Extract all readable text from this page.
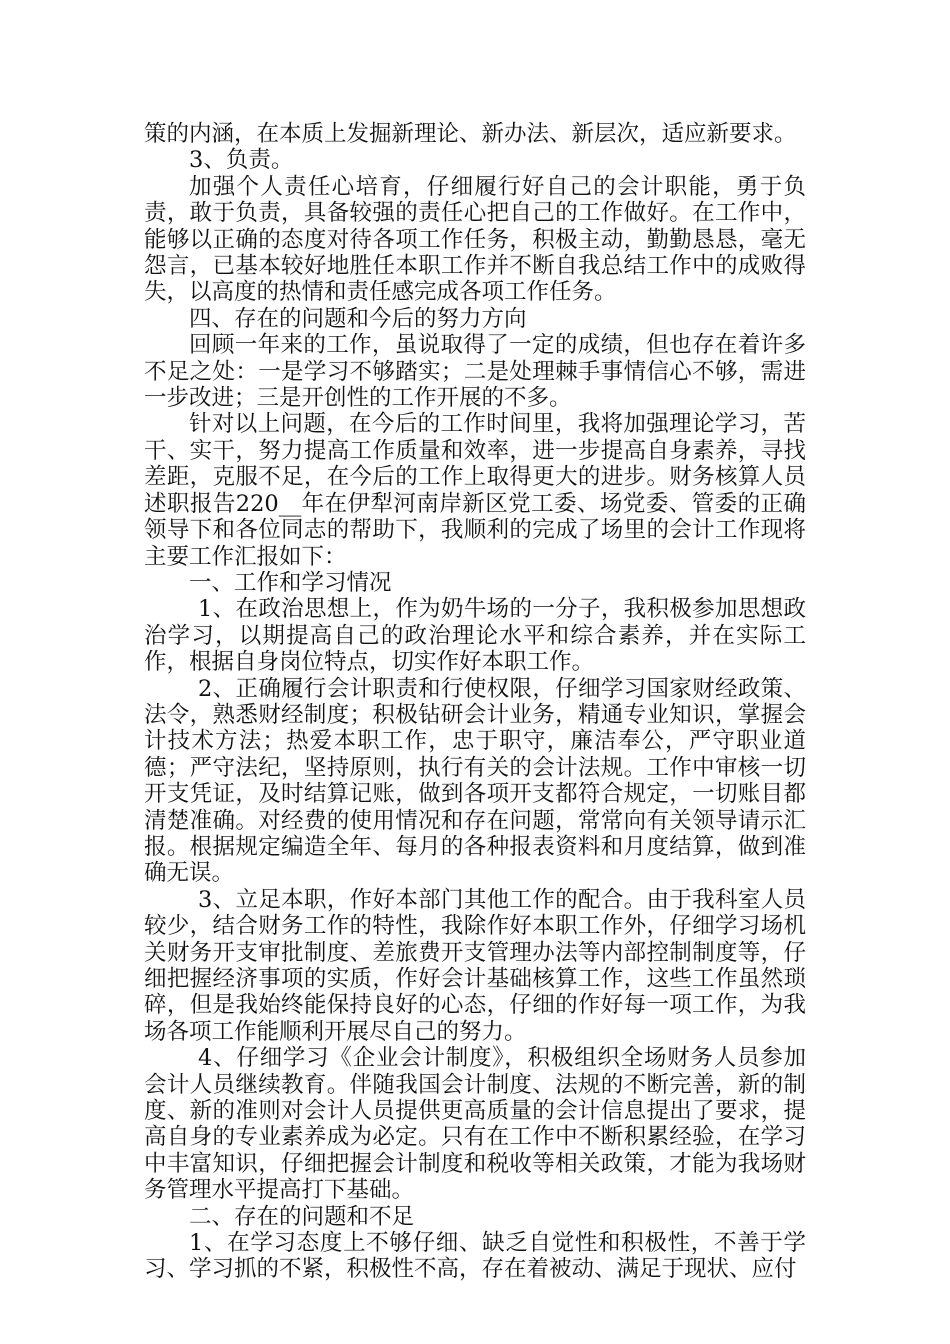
策的内涵，在本质上发掘新理论、新办法、新层次，适应新要求。

3、负责。

加强个人责任心培育，仔细履行好自己的会计职能，勇于负责，敢于负责，具备较强的责任心把自己的工作做好。在工作中，能够以正确的态度对待各项工作任务，积极主动，勤勤恳恳，毫无怨言，已基本较好地胜任本职工作并不断自我总结工作中的成败得失，以高度的热情和责任感完成各项工作任务。

四、存在的问题和今后的努力方向

回顾一年来的工作，虽说取得了一定的成绩，但也存在着许多不足之处：一是学习不够踏实；二是处理棘手事情信心不够，需进一步改进；三是开创性的工作开展的不多。

针对以上问题，在今后的工作时间里，我将加强理论学习，苦干、实干，努力提高工作质量和效率，进一步提高自身素养，寻找差距，克服不足，在今后的工作上取得更大的进步。财务核算人员述职报告220__年在伊犁河南岸新区党工委、场党委、管委的正确领导下和各位同志的帮助下，我顺利的完成了场里的会计工作现将主要工作汇报如下：

一、工作和学习情况

1、在政治思想上，作为奶牛场的一分子，我积极参加思想政治学习，以期提高自己的政治理论水平和综合素养，并在实际工作，根据自身岗位特点，切实作好本职工作。

2、正确履行会计职责和行使权限，仔细学习国家财经政策、法令，熟悉财经制度；积极钻研会计业务，精通专业知识，掌握会计技术方法；热爱本职工作，忠于职守，廉洁奉公，严守职业道德；严守法纪，坚持原则，执行有关的会计法规。工作中审核一切开支凭证，及时结算记账，做到各项开支都符合规定，一切账目都清楚准确。对经费的使用情况和存在问题，常常向有关领导请示汇报。根据规定编造全年、每月的各种报表资料和月度结算，做到准确无误。

3、立足本职，作好本部门其他工作的配合。由于我科室人员较少，结合财务工作的特性，我除作好本职工作外，仔细学习场机关财务开支审批制度、差旅费开支管理办法等内部控制制度等，仔细把握经济事项的实质，作好会计基础核算工作，这些工作虽然琐碎，但是我始终能保持良好的心态，仔细的作好每一项工作，为我场各项工作能顺利开展尽自己的努力。

4、仔细学习《企业会计制度》，积极组织全场财务人员参加会计人员继续教育。伴随我国会计制度、法规的不断完善，新的制度、新的准则对会计人员提供更高质量的会计信息提出了要求，提高自身的专业素养成为必定。只有在工作中不断积累经验，在学习中丰富知识，仔细把握会计制度和税收等相关政策，才能为我场财务管理水平提高打下基础。

二、存在的问题和不足

1、在学习态度上不够仔细、缺乏自觉性和积极性，不善于学习、学习抓的不紧，积极性不高，存在着被动、满足于现状、应付
